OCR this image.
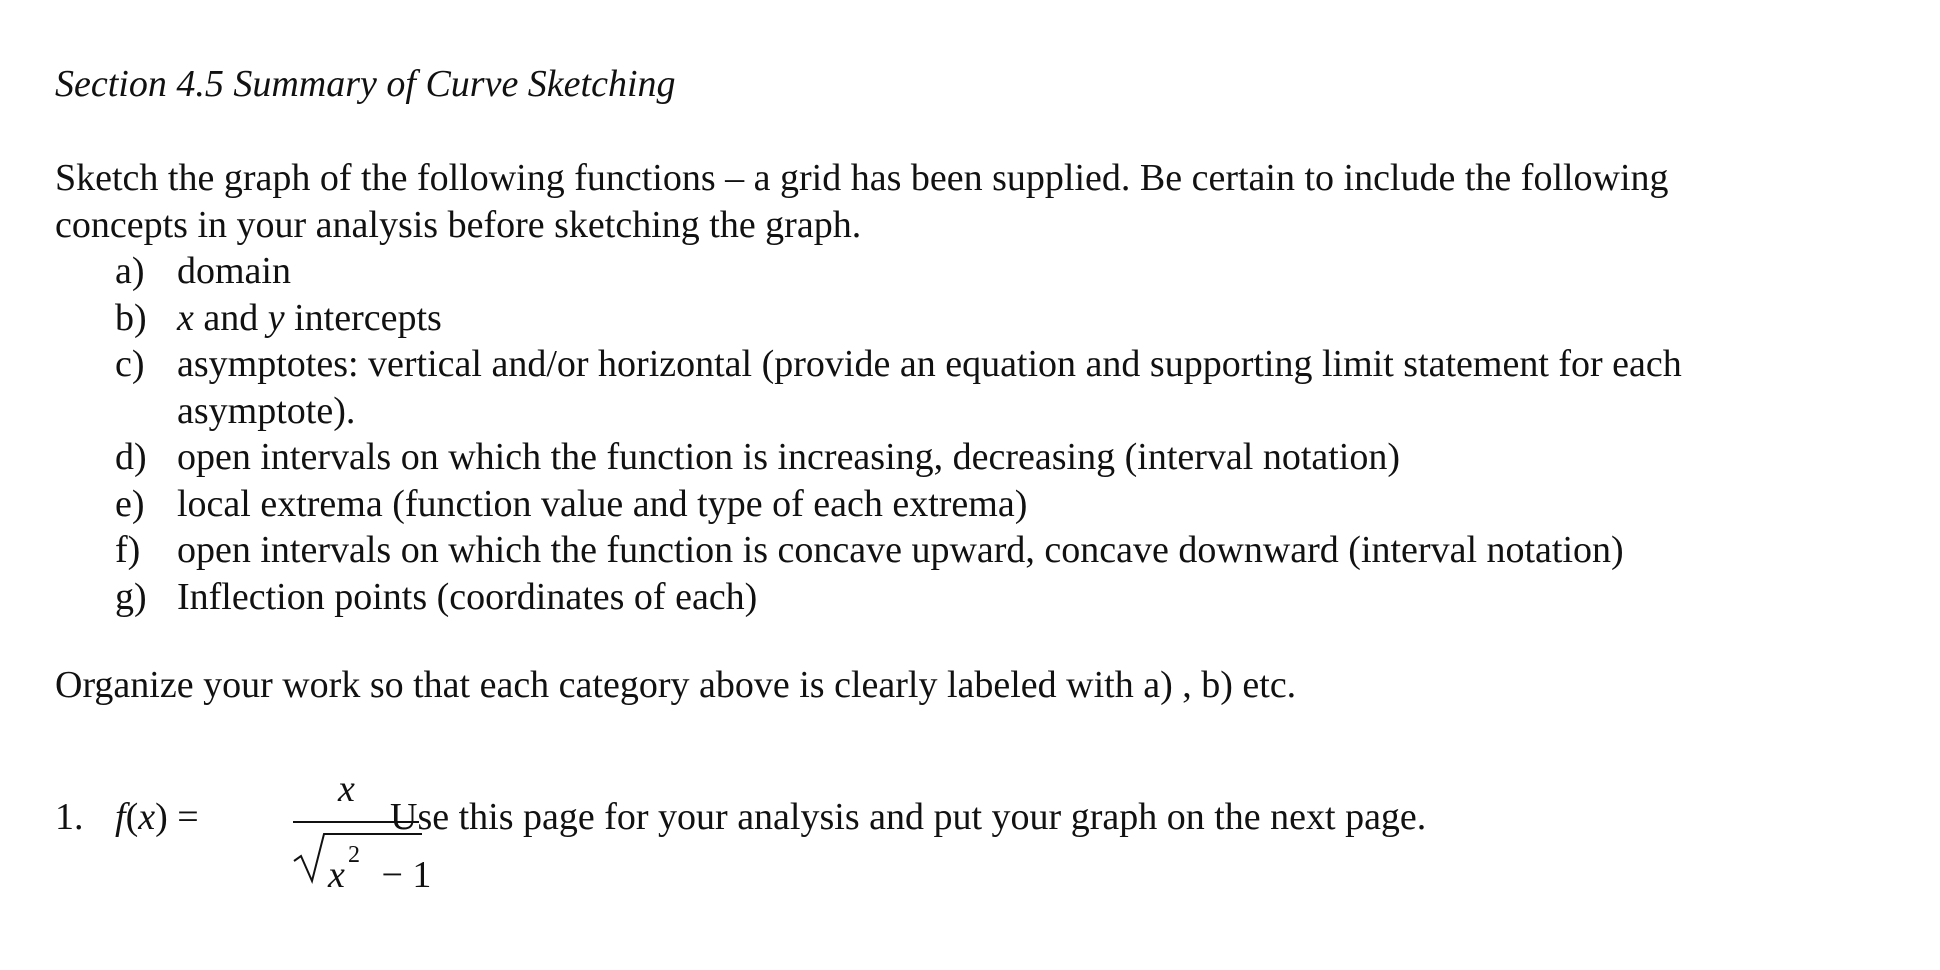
Section 4.5 Summary of Curve Sketching
Sketch the graph of the following functions – a grid has been supplied. Be certain to include the following
concepts in your analysis before sketching the graph.
a) domain
b) x and y intercepts
c) asymptotes: vertical and/or horizontal (provide an equation and supporting limit statement for each
asymptote).
d) open intervals on which the function is increasing, decreasing (interval notation)
e) local extrema (function value and type of each extrema)
f) open intervals on which the function is concave upward, concave downward (interval notation)
g) Inflection points (coordinates of each)
Organize your work so that each category above is clearly labeled with a) , b) etc.
1. f(x) =
x
x 2 − 1
Use this page for your analysis and put your graph on the next page.
